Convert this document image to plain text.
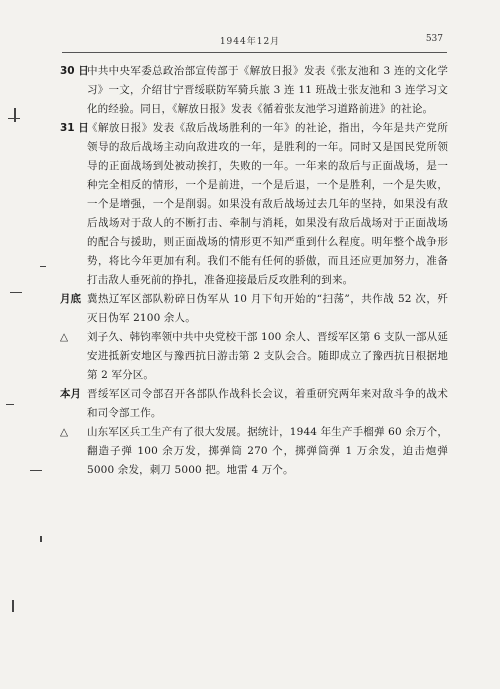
1944年12月	537
30 日
中共中央军委总政治部宣传部于《解放日报》发表《张友池和 3 连的文化学习》一文，介绍甘宁晋绥联防军骑兵旅 3 连 11 班战士张友池和 3 连学习文化的经验。同日，《解放日报》发表《循着张友池学习道路前进》的社论。
31 日
《解放日报》发表《敌后战场胜利的一年》的社论，指出，今年是共产党所领导的敌后战场主动向敌进攻的一年，是胜利的一年。同时又是国民党所领导的正面战场到处被动挨打，失败的一年。一年来的敌后与正面战场，是一种完全相反的情形，一个是前进，一个是后退，一个是胜利，一个是失败，一个是增强，一个是削弱。如果没有敌后战场过去几年的坚持，如果没有敌后战场对于敌人的不断打击、牵制与消耗，如果没有敌后战场对于正面战场的配合与援助，则正面战场的情形更不知严重到什么程度。明年整个战争形势，将比今年更加有利。我们不能有任何的骄傲，而且还应更加努力，准备打击敌人垂死前的挣扎，准备迎接最后反攻胜利的到来。
月底 冀热辽军区部队粉碎日伪军从 10 月下旬开始的“扫荡”，共作战 52 次，歼灭日伪军 2100 余人。
△ 刘子久、韩钧率领中共中央党校干部 100 余人、晋绥军区第 6 支队一部从延安进抵新安地区与豫西抗日游击第 2 支队会合。随即成立了豫西抗日根据地第 2 军分区。
本月 晋绥军区司令部召开各部队作战科长会议，着重研究两年来对敌斗争的战术和司令部工作。
△ 山东军区兵工生产有了很大发展。据统计，1944 年生产手榴弹 60 余万个，翻造子弹 100 余万发，掷弹筒 270 个，掷弹筒弹 1 万余发，迫击炮弹 5000 余发，刺刀 5000 把。地雷 4 万个。
